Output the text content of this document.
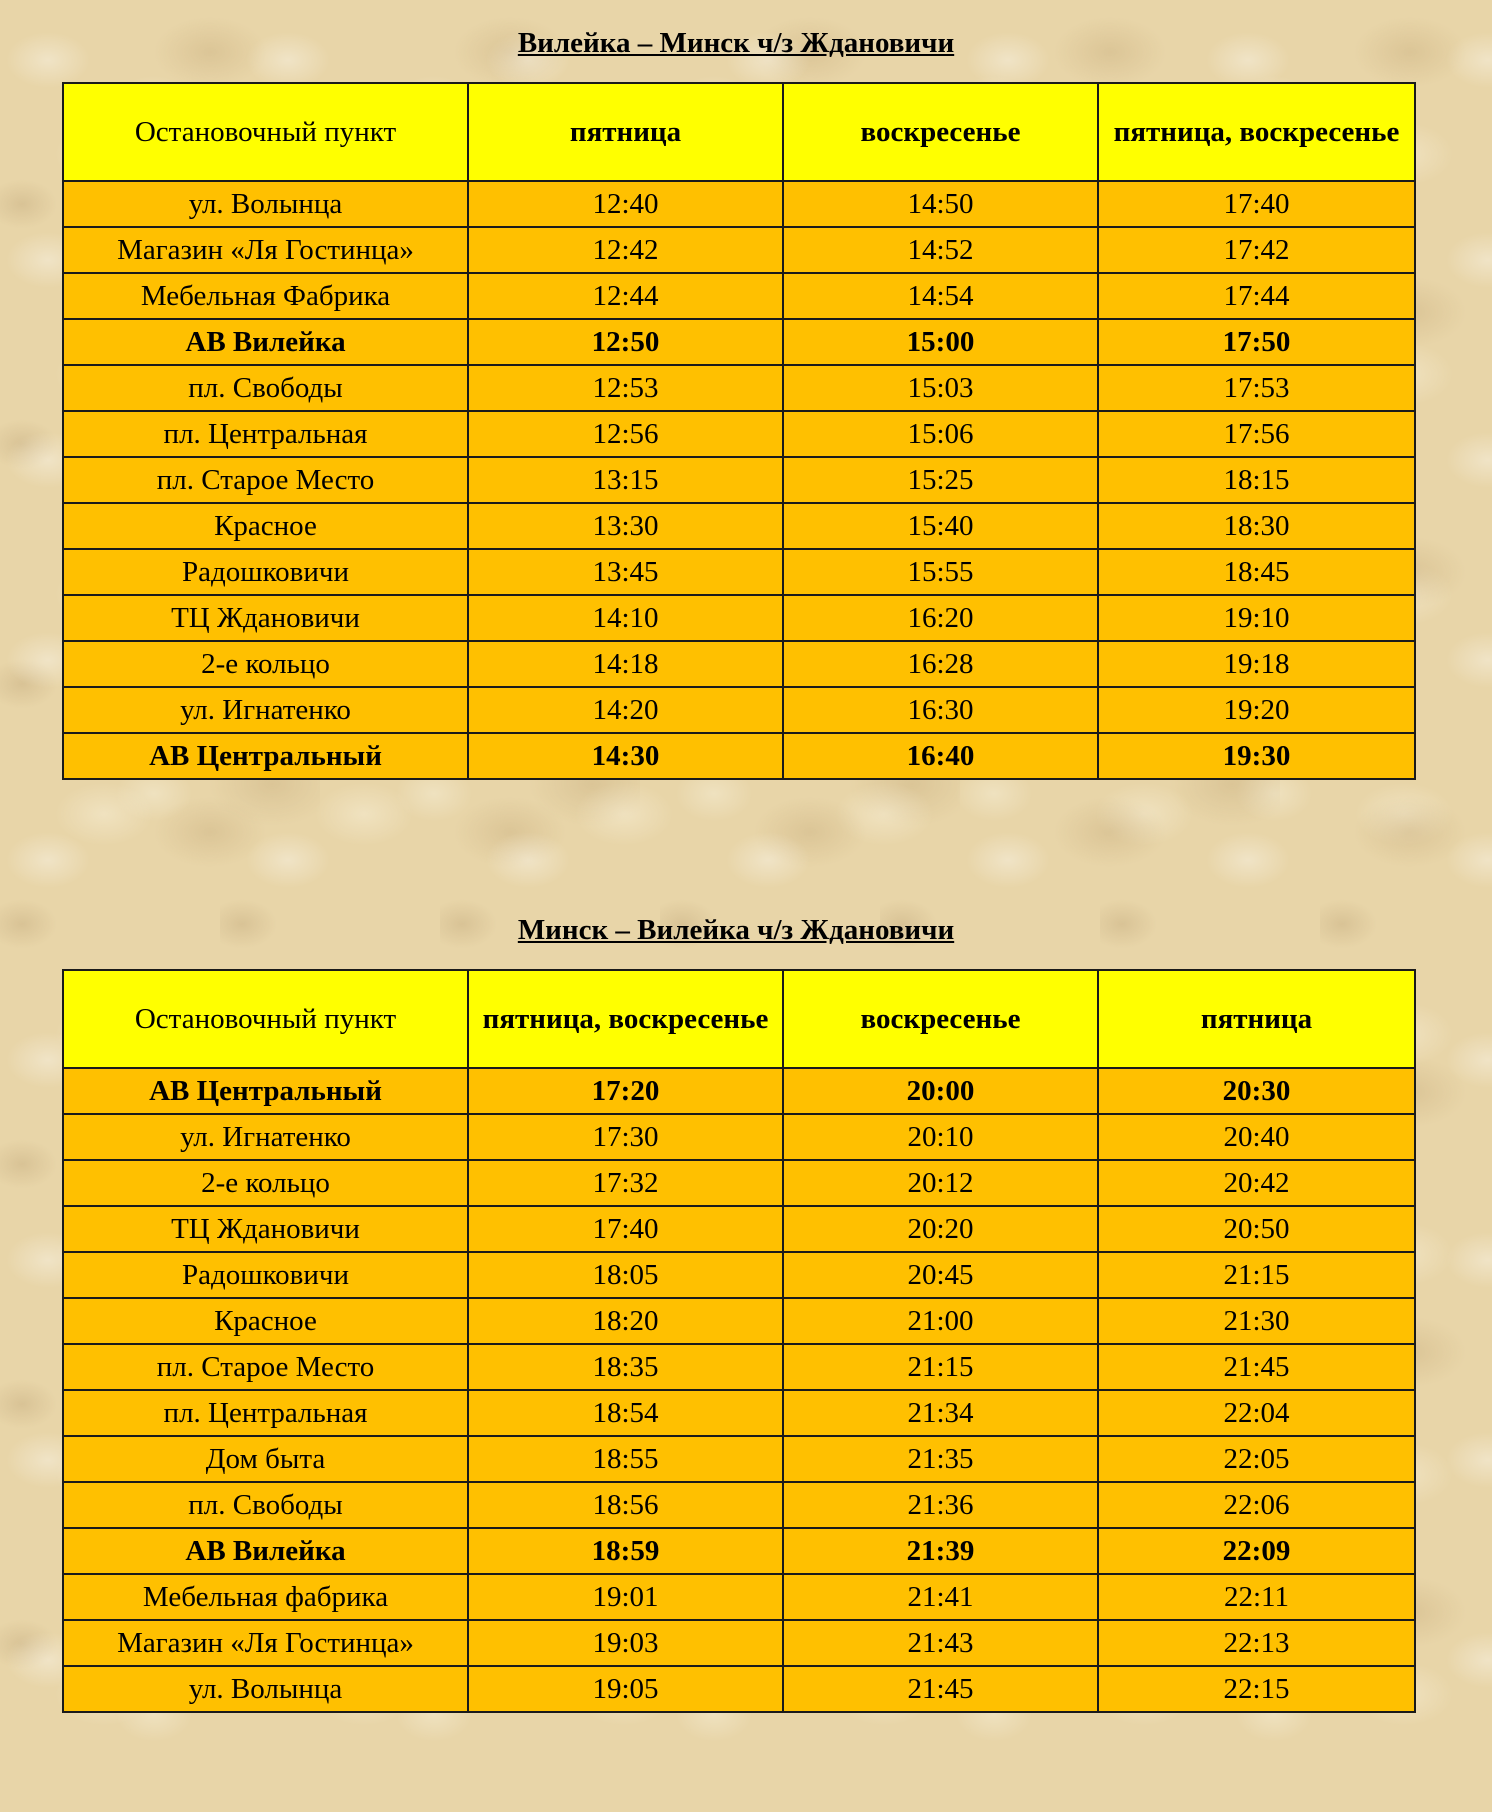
Вилейка – Минск ч/з Ждановичи
Остановочный пункт	пятница	воскресенье	пятница, воскресенье
ул. Волынца	12:40	14:50	17:40
Магазин «Ля Гостинца»	12:42	14:52	17:42
Мебельная Фабрика	12:44	14:54	17:44
АВ Вилейка	12:50	15:00	17:50
пл. Свободы	12:53	15:03	17:53
пл. Центральная	12:56	15:06	17:56
пл. Старое Место	13:15	15:25	18:15
Красное	13:30	15:40	18:30
Радошковичи	13:45	15:55	18:45
ТЦ Ждановичи	14:10	16:20	19:10
2-е кольцо	14:18	16:28	19:18
ул. Игнатенко	14:20	16:30	19:20
АВ Центральный	14:30	16:40	19:30
Минск – Вилейка ч/з Ждановичи
Остановочный пункт	пятница, воскресенье	воскресенье	пятница
АВ Центральный	17:20	20:00	20:30
ул. Игнатенко	17:30	20:10	20:40
2-е кольцо	17:32	20:12	20:42
ТЦ Ждановичи	17:40	20:20	20:50
Радошковичи	18:05	20:45	21:15
Красное	18:20	21:00	21:30
пл. Старое Место	18:35	21:15	21:45
пл. Центральная	18:54	21:34	22:04
Дом быта	18:55	21:35	22:05
пл. Свободы	18:56	21:36	22:06
АВ Вилейка	18:59	21:39	22:09
Мебельная фабрика	19:01	21:41	22:11
Магазин «Ля Гостинца»	19:03	21:43	22:13
ул. Волынца	19:05	21:45	22:15
